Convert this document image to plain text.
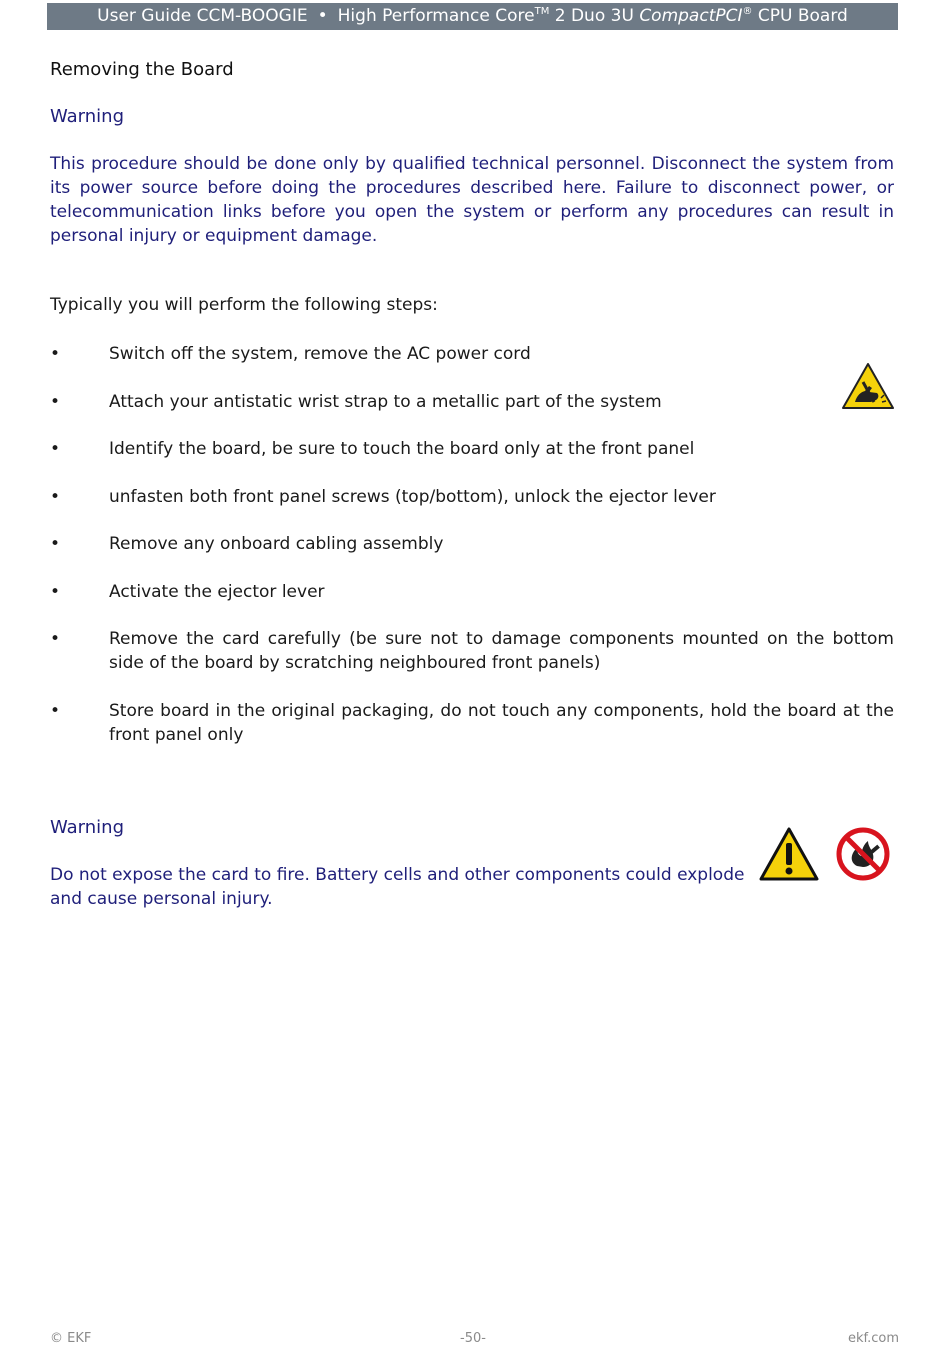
User Guide CCM-BOOGIE • High Performance Core™ 2 Duo 3U CompactPCI® CPU Board
Removing the Board
Warning
This procedure should be done only by qualified technical personnel. Disconnect the system from its power source before doing the procedures described here. Failure to disconnect power, or telecommunication links before you open the system or perform any procedures can result in personal injury or equipment damage.
Typically you will perform the following steps:
•	Switch off the system, remove the AC power cord
•	Attach your antistatic wrist strap to a metallic part of the system
•	Identify the board, be sure to touch the board only at the front panel
•	unfasten both front panel screws (top/bottom), unlock the ejector lever
•	Remove any onboard cabling assembly
•	Activate the ejector lever
•	Remove the card carefully (be sure not to damage components mounted on the bottom side of the board by scratching neighboured front panels)
•	Store board in the original packaging, do not touch any components, hold the board at the front panel only
Warning
Do not expose the card to fire. Battery cells and other components could explode and cause personal injury.
© EKF	-50-	ekf.com
